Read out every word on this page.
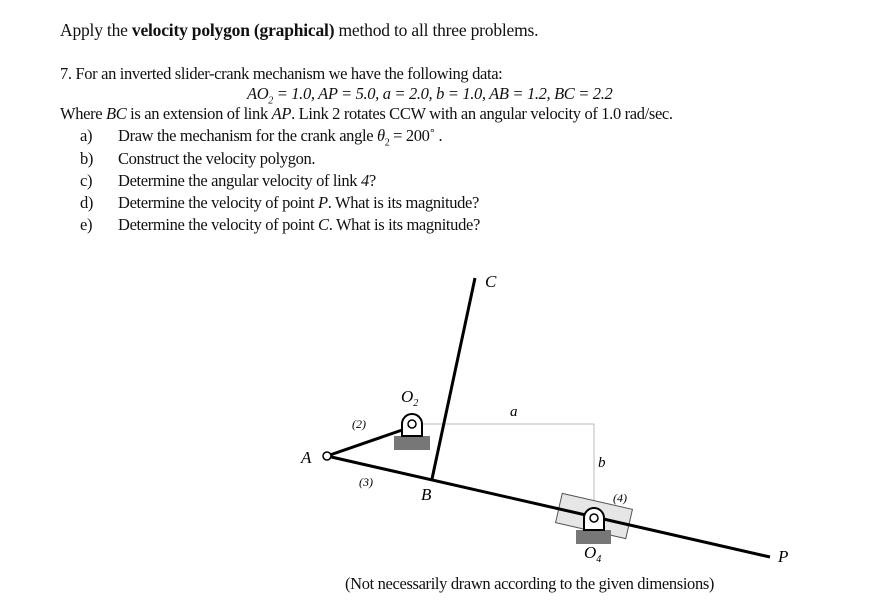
Apply the velocity polygon (graphical) method to all three problems.
7. For an inverted slider-crank mechanism we have the following data:
$AO_2 = 1.0$, AP = 5.0, a = 2.0, b = 1.0, AB = 1.2, BC = 2.2
Where BC is an extension of link AP. Link 2 rotates CCW with an angular velocity of 1.0 rad/sec.
a) Draw the mechanism for the crank angle $\theta_2$ = 200˚ .
b) Construct the velocity polygon.
c) Determine the angular velocity of link 4?
d) Determine the velocity of point P. What is its magnitude?
e) Determine the velocity of point C. What is its magnitude?
A
B
C
P
$O_2$
$O_4$
a
b
(2)
(3)
(4)
(Not necessarily drawn according to the given dimensions)
